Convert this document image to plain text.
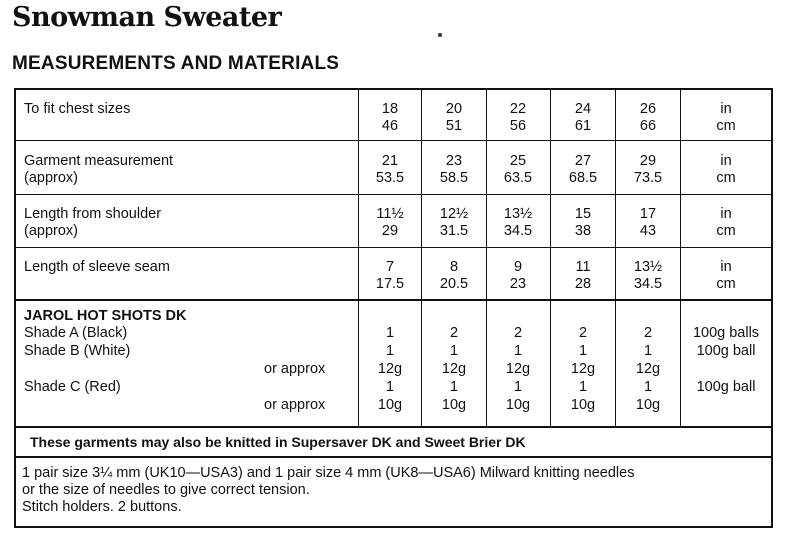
Snowman Sweater
MEASUREMENTS AND MATERIALS
To fit chest sizes	18	20	22	24	26	in
46	51	56	61	66	cm
Garment measurement
(approx)
21	23	25	27	29	in
53.5	58.5	63.5	68.5	73.5	cm
Length from shoulder
(approx)
11½	12½	13½	15	17	in
29	31.5	34.5	38	43	cm
Length of sleeve seam	7	8	9	11	13½	in
17.5	20.5	23	28	34.5	cm
JAROL HOT SHOTS DK
Shade A (Black)	1	2	2	2	2	100g balls
Shade B (White)	1	1	1	1	1	100g ball
or approx	12g	12g	12g	12g	12g
Shade C (Red)	1	1	1	1	1	100g ball
or approx	10g	10g	10g	10g	10g
These garments may also be knitted in Supersaver DK and Sweet Brier DK
1 pair size 3¼ mm (UK10—USA3) and 1 pair size 4 mm (UK8—USA6) Milward knitting needles
or the size of needles to give correct tension.
Stitch holders. 2 buttons.
